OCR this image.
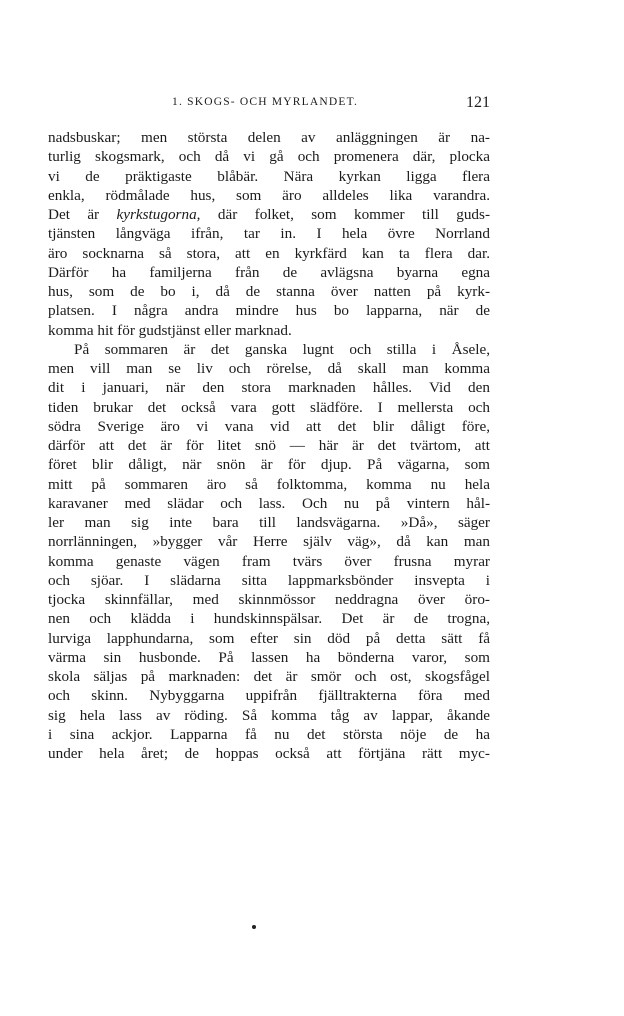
1. SKOGS- OCH MYRLANDET.	121
nadsbuskar; men största delen av anläggningen är na-
turlig skogsmark, och då vi gå och promenera där, plocka
vi de präktigaste blåbär. Nära kyrkan ligga flera
enkla, rödmålade hus, som äro alldeles lika varandra.
Det är kyrkstugorna, där folket, som kommer till guds-
tjänsten långväga ifrån, tar in. I hela övre Norrland
äro socknarna så stora, att en kyrkfärd kan ta flera dar.
Därför ha familjerna från de avlägsna byarna egna
hus, som de bo i, då de stanna över natten på kyrk-
platsen. I några andra mindre hus bo lapparna, när de
komma hit för gudstjänst eller marknad.
På sommaren är det ganska lugnt och stilla i Åsele,
men vill man se liv och rörelse, då skall man komma
dit i januari, när den stora marknaden hålles. Vid den
tiden brukar det också vara gott slädföre. I mellersta och
södra Sverige äro vi vana vid att det blir dåligt före,
därför att det är för litet snö — här är det tvärtom, att
föret blir dåligt, när snön är för djup. På vägarna, som
mitt på sommaren äro så folktomma, komma nu hela
karavaner med slädar och lass. Och nu på vintern hål-
ler man sig inte bara till landsvägarna. »Då», säger
norrlänningen, »bygger vår Herre själv väg», då kan man
komma genaste vägen fram tvärs över frusna myrar
och sjöar. I slädarna sitta lappmarksbönder insvepta i
tjocka skinnfällar, med skinnmössor neddragna över öro-
nen och klädda i hundskinnspälsar. Det är de trogna,
lurviga lapphundarna, som efter sin död på detta sätt få
värma sin husbonde. På lassen ha bönderna varor, som
skola säljas på marknaden: det är smör och ost, skogsfågel
och skinn. Nybyggarna uppifrån fjälltrakterna föra med
sig hela lass av röding. Så komma tåg av lappar, åkande
i sina ackjor. Lapparna få nu det största nöje de ha
under hela året; de hoppas också att förtjäna rätt myc-
